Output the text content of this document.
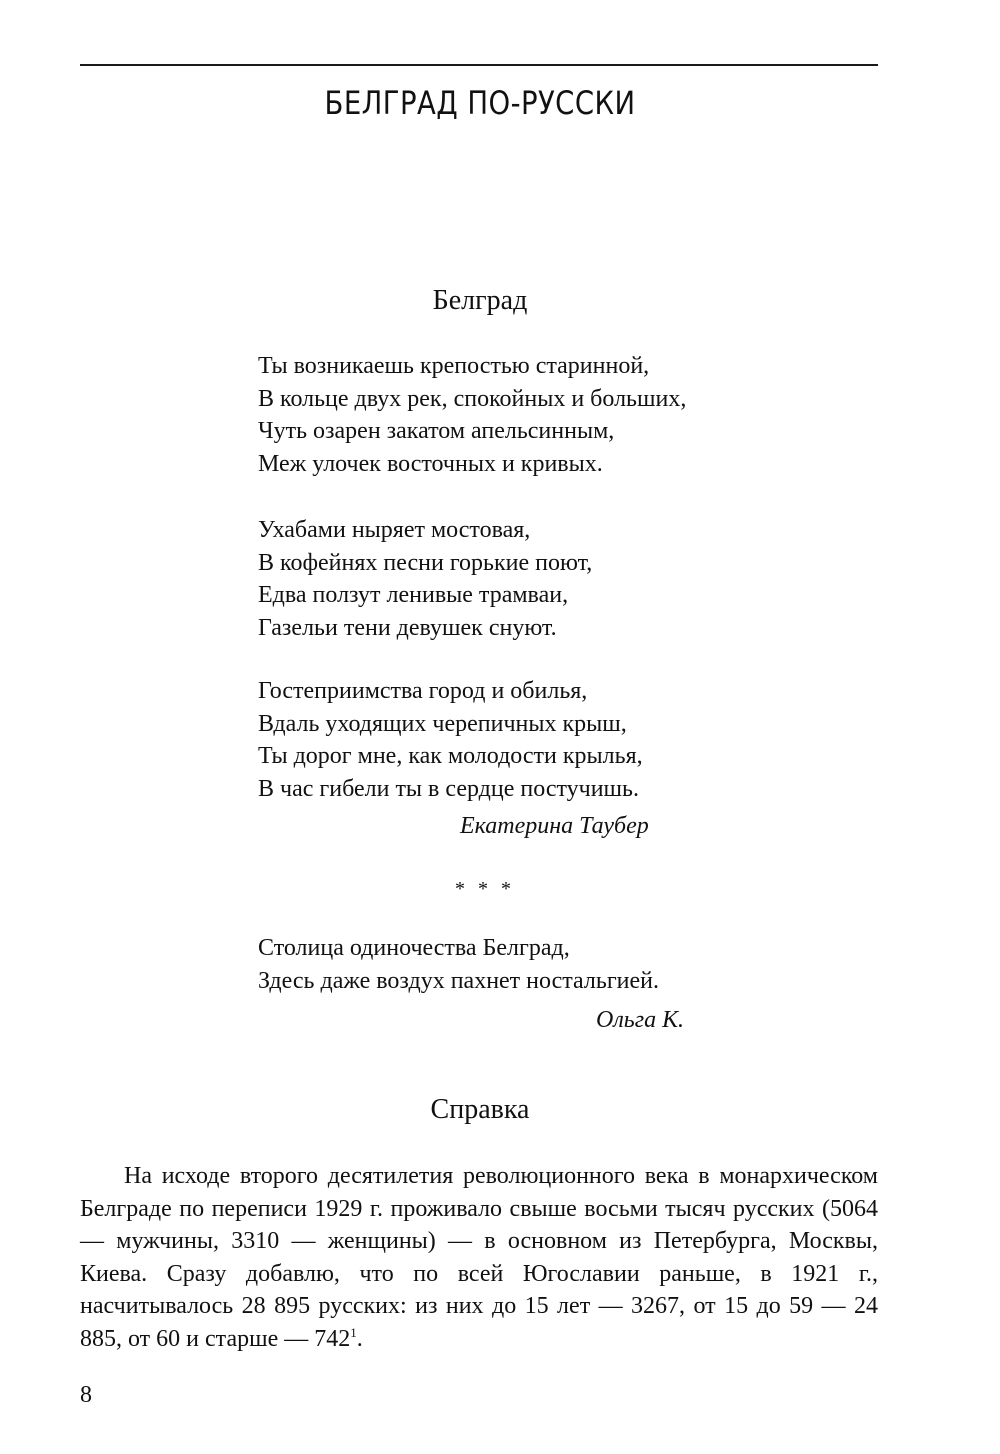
БЕЛГРАД ПО-РУССКИ
Белград
Ты возникаешь крепостью старинной,
В кольце двух рек, спокойных и больших,
Чуть озарен закатом апельсинным,
Меж улочек восточных и кривых.
Ухабами ныряет мостовая,
В кофейнях песни горькие поют,
Едва ползут ленивые трамваи,
Газельи тени девушек снуют.
Гостеприимства город и обилья,
Вдаль уходящих черепичных крыш,
Ты дорог мне, как молодости крылья,
В час гибели ты в сердце постучишь.
Екатерина Таубер
* * *
Столица одиночества Белград,
Здесь даже воздух пахнет ностальгией.
Ольга К.
Справка

На исходе второго десятилетия революционного века в монархическом Белграде по переписи 1929 г. проживало свыше восьми тысяч русских (5064 — мужчины, 3310 — женщины) — в основном из Петербурга, Москвы, Киева. Сразу добавлю, что по всей Югославии раньше, в 1921 г., насчитывалось 28 895 русских: из них до 15 лет — 3267, от 15 до 59 — 24 885, от 60 и старше — $742^1$.

8
